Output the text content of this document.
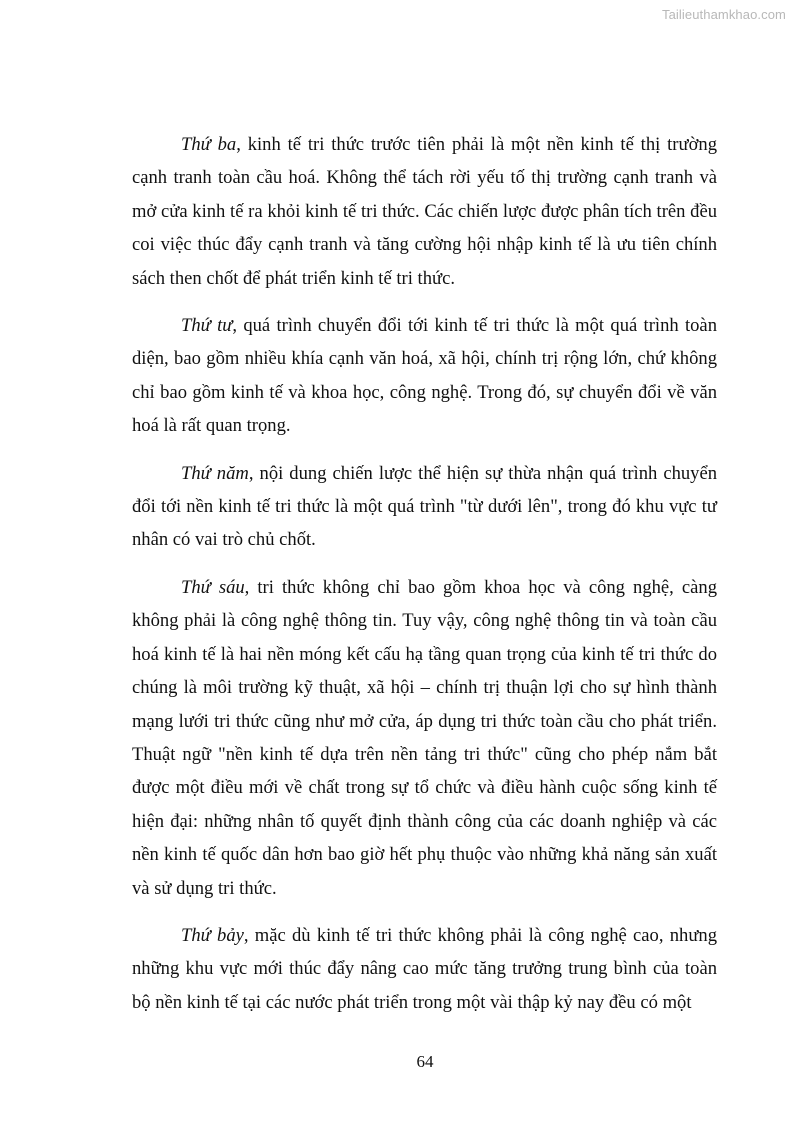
Tailieuthamkhao.com

Thứ ba, kinh tế tri thức trước tiên phải là một nền kinh tế thị trường cạnh tranh toàn cầu hoá. Không thể tách rời yếu tố thị trường cạnh tranh và mở cửa kinh tế ra khỏi kinh tế tri thức. Các chiến lược được phân tích trên đều coi việc thúc đẩy cạnh tranh và tăng cường hội nhập kinh tế là ưu tiên chính sách then chốt để phát triển kinh tế tri thức.

Thứ tư, quá trình chuyển đổi tới kinh tế tri thức là một quá trình toàn diện, bao gồm nhiều khía cạnh văn hoá, xã hội, chính trị rộng lớn, chứ không chỉ bao gồm kinh tế và khoa học, công nghệ. Trong đó, sự chuyển đổi về văn hoá là rất quan trọng.

Thứ năm, nội dung chiến lược thể hiện sự thừa nhận quá trình chuyển đổi tới nền kinh tế tri thức là một quá trình "từ dưới lên", trong đó khu vực tư nhân có vai trò chủ chốt.

Thứ sáu, tri thức không chỉ bao gồm khoa học và công nghệ, càng không phải là công nghệ thông tin. Tuy vậy, công nghệ thông tin và toàn cầu hoá kinh tế là hai nền móng kết cấu hạ tầng quan trọng của kinh tế tri thức do chúng là môi trường kỹ thuật, xã hội – chính trị thuận lợi cho sự hình thành mạng lưới tri thức cũng như mở cửa, áp dụng tri thức toàn cầu cho phát triển. Thuật ngữ "nền kinh tế dựa trên nền tảng tri thức" cũng cho phép nắm bắt được một điều mới về chất trong sự tổ chức và điều hành cuộc sống kinh tế hiện đại: những nhân tố quyết định thành công của các doanh nghiệp và các nền kinh tế quốc dân hơn bao giờ hết phụ thuộc vào những khả năng sản xuất và sử dụng tri thức.

Thứ bảy, mặc dù kinh tế tri thức không phải là công nghệ cao, nhưng những khu vực mới thúc đẩy nâng cao mức tăng trưởng trung bình của toàn bộ nền kinh tế tại các nước phát triển trong một vài thập kỷ nay đều có một

64
